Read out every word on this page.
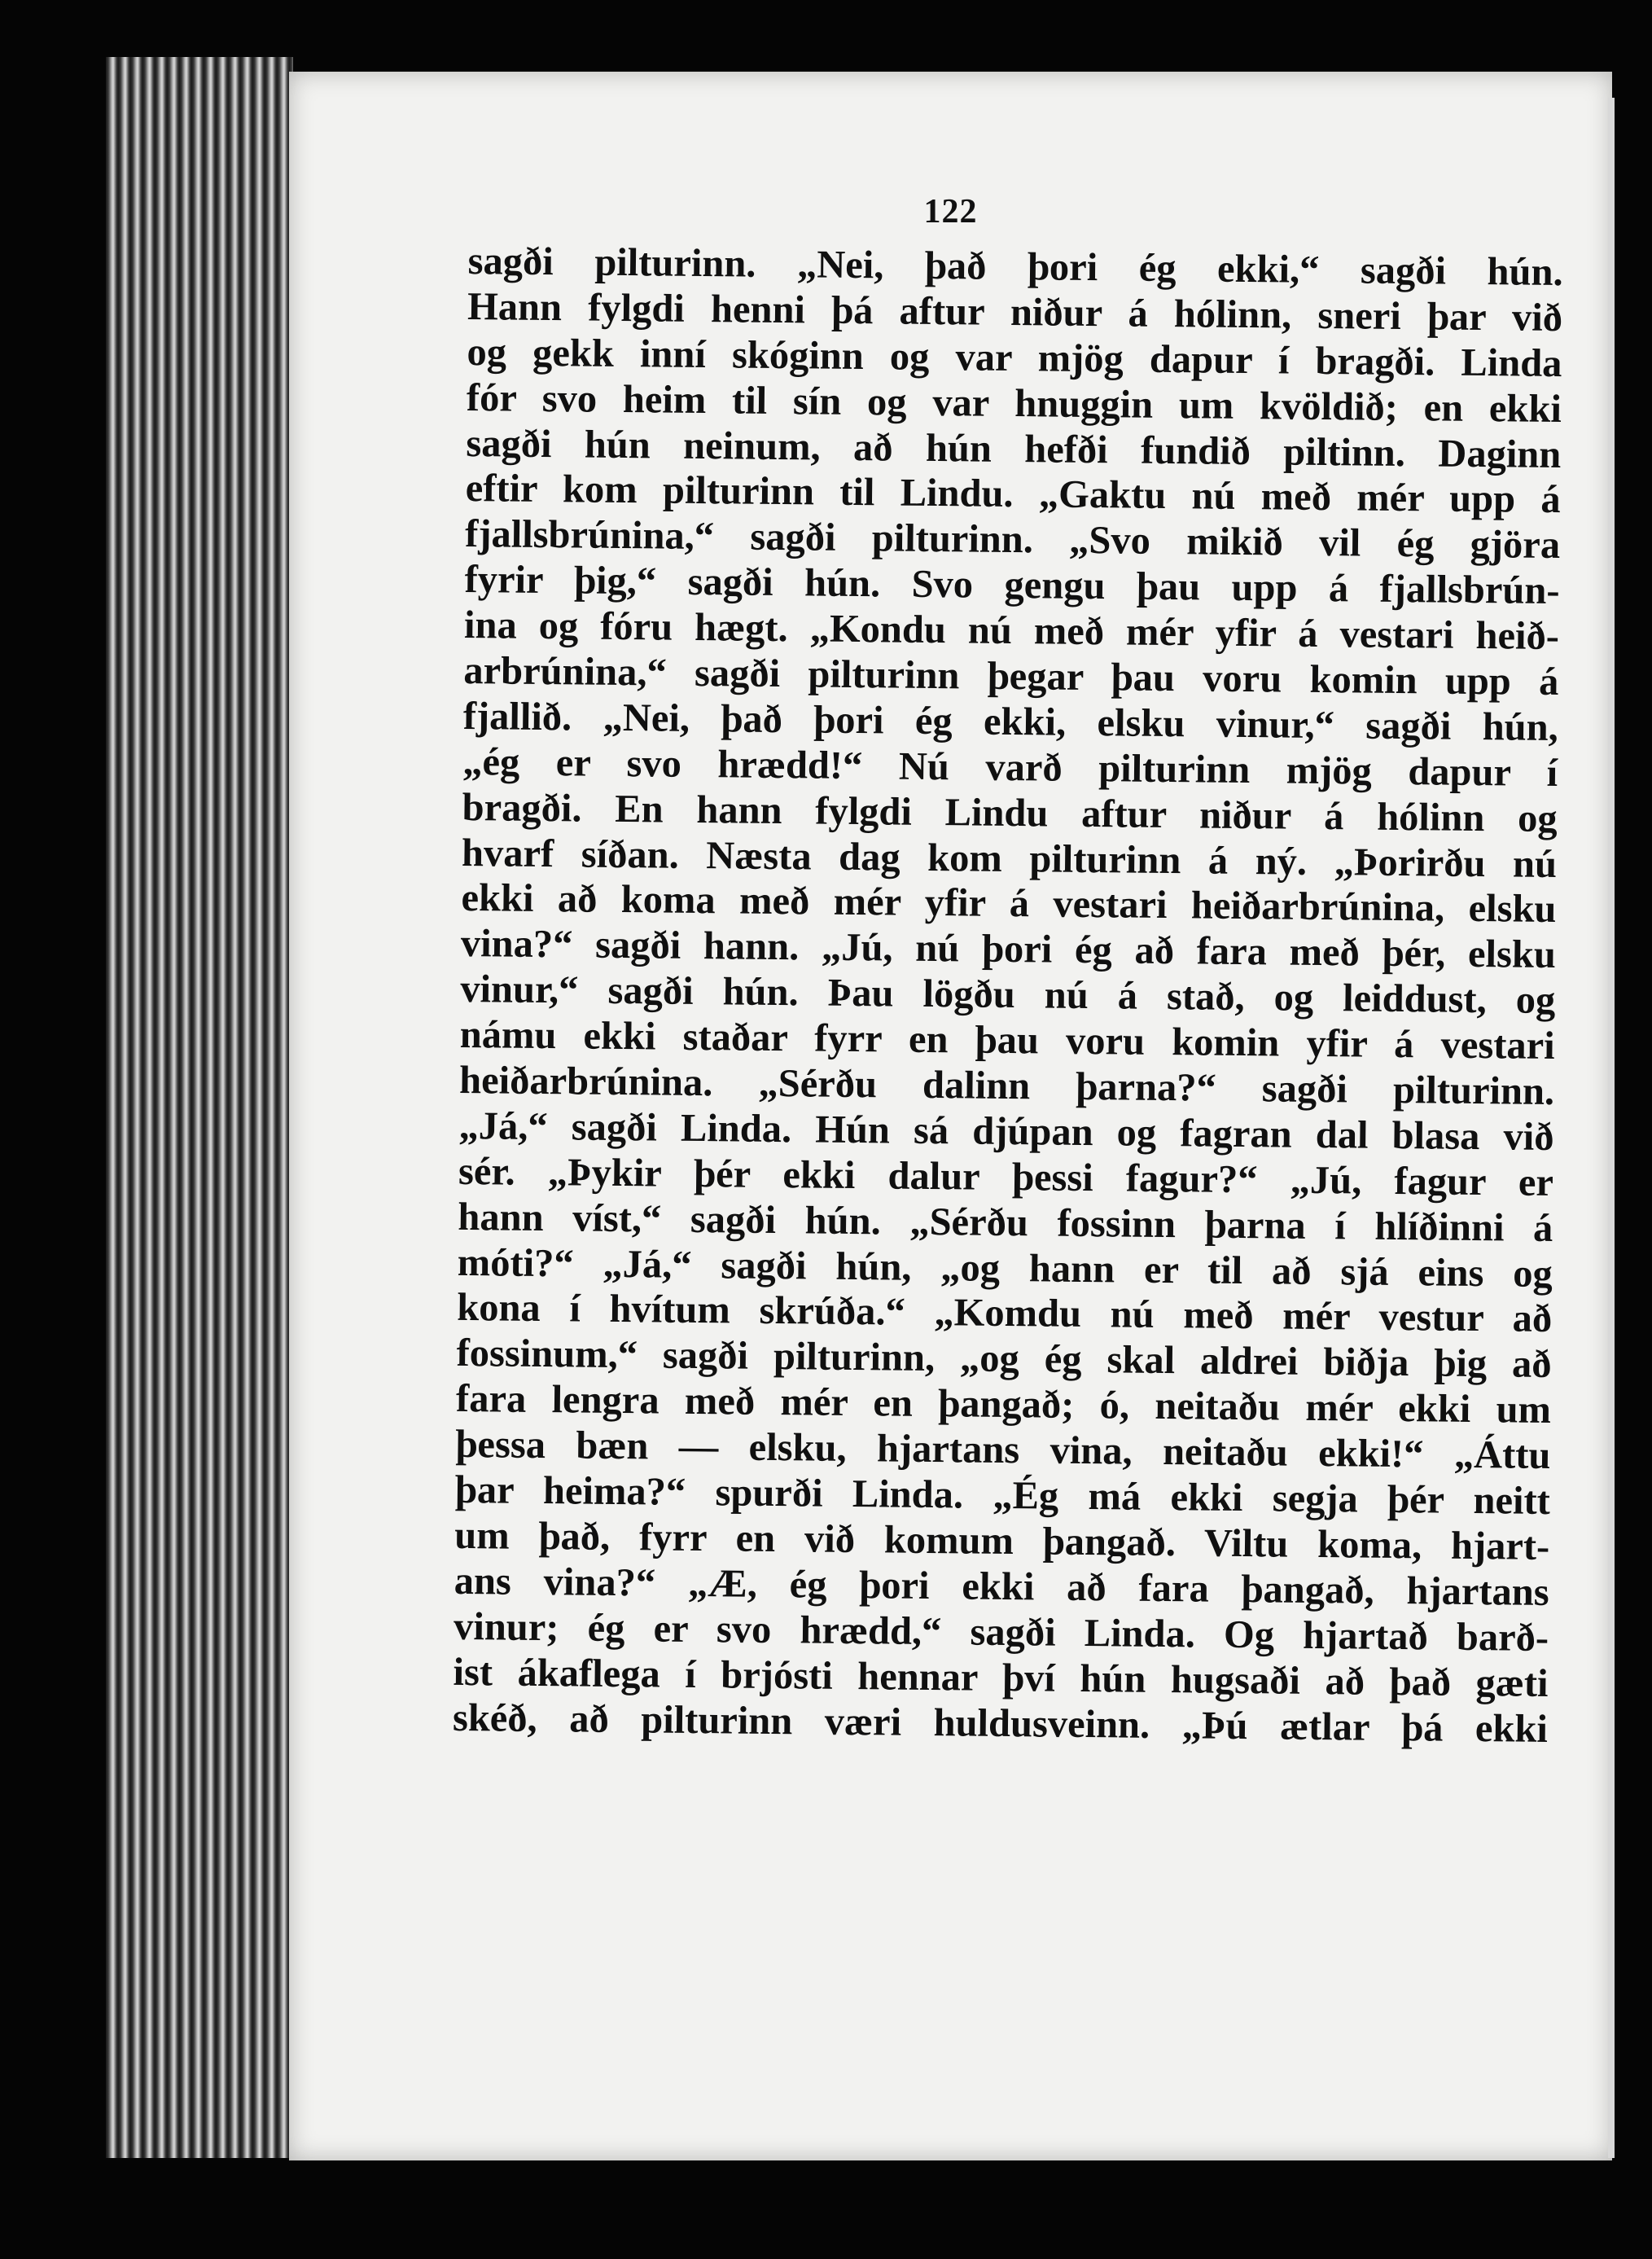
122
sagði pilturinn. „Nei, það þori ég ekki,“ sagði hún.
Hann fylgdi henni þá aftur niður á hólinn, sneri þar við
og gekk inní skóginn og var mjög dapur í bragði. Linda
fór svo heim til sín og var hnuggin um kvöldið; en ekki
sagði hún neinum, að hún hefði fundið piltinn. Daginn
eftir kom pilturinn til Lindu. „Gaktu nú með mér upp á
fjallsbrúnina,“ sagði pilturinn. „Svo mikið vil ég gjöra
fyrir þig,“ sagði hún. Svo gengu þau upp á fjallsbrún-
ina og fóru hægt. „Kondu nú með mér yfir á vestari heið-
arbrúnina,“ sagði pilturinn þegar þau voru komin upp á
fjallið. „Nei, það þori ég ekki, elsku vinur,“ sagði hún,
„ég er svo hrædd!“ Nú varð pilturinn mjög dapur í
bragði. En hann fylgdi Lindu aftur niður á hólinn og
hvarf síðan. Næsta dag kom pilturinn á ný. „Þorirðu nú
ekki að koma með mér yfir á vestari heiðarbrúnina, elsku
vina?“ sagði hann. „Jú, nú þori ég að fara með þér, elsku
vinur,“ sagði hún. Þau lögðu nú á stað, og leiddust, og
námu ekki staðar fyrr en þau voru komin yfir á vestari
heiðarbrúnina. „Sérðu dalinn þarna?“ sagði pilturinn.
„Já,“ sagði Linda. Hún sá djúpan og fagran dal blasa við
sér. „Þykir þér ekki dalur þessi fagur?“ „Jú, fagur er
hann víst,“ sagði hún. „Sérðu fossinn þarna í hlíðinni á
móti?“ „Já,“ sagði hún, „og hann er til að sjá eins og
kona í hvítum skrúða.“ „Komdu nú með mér vestur að
fossinum,“ sagði pilturinn, „og ég skal aldrei biðja þig að
fara lengra með mér en þangað; ó, neitaðu mér ekki um
þessa bæn — elsku, hjartans vina, neitaðu ekki!“ „Áttu
þar heima?“ spurði Linda. „Ég má ekki segja þér neitt
um það, fyrr en við komum þangað. Viltu koma, hjart-
ans vina?“ „Æ, ég þori ekki að fara þangað, hjartans
vinur; ég er svo hrædd,“ sagði Linda. Og hjartað barð-
ist ákaflega í brjósti hennar því hún hugsaði að það gæti
skéð, að pilturinn væri huldusveinn. „Þú ætlar þá ekki
